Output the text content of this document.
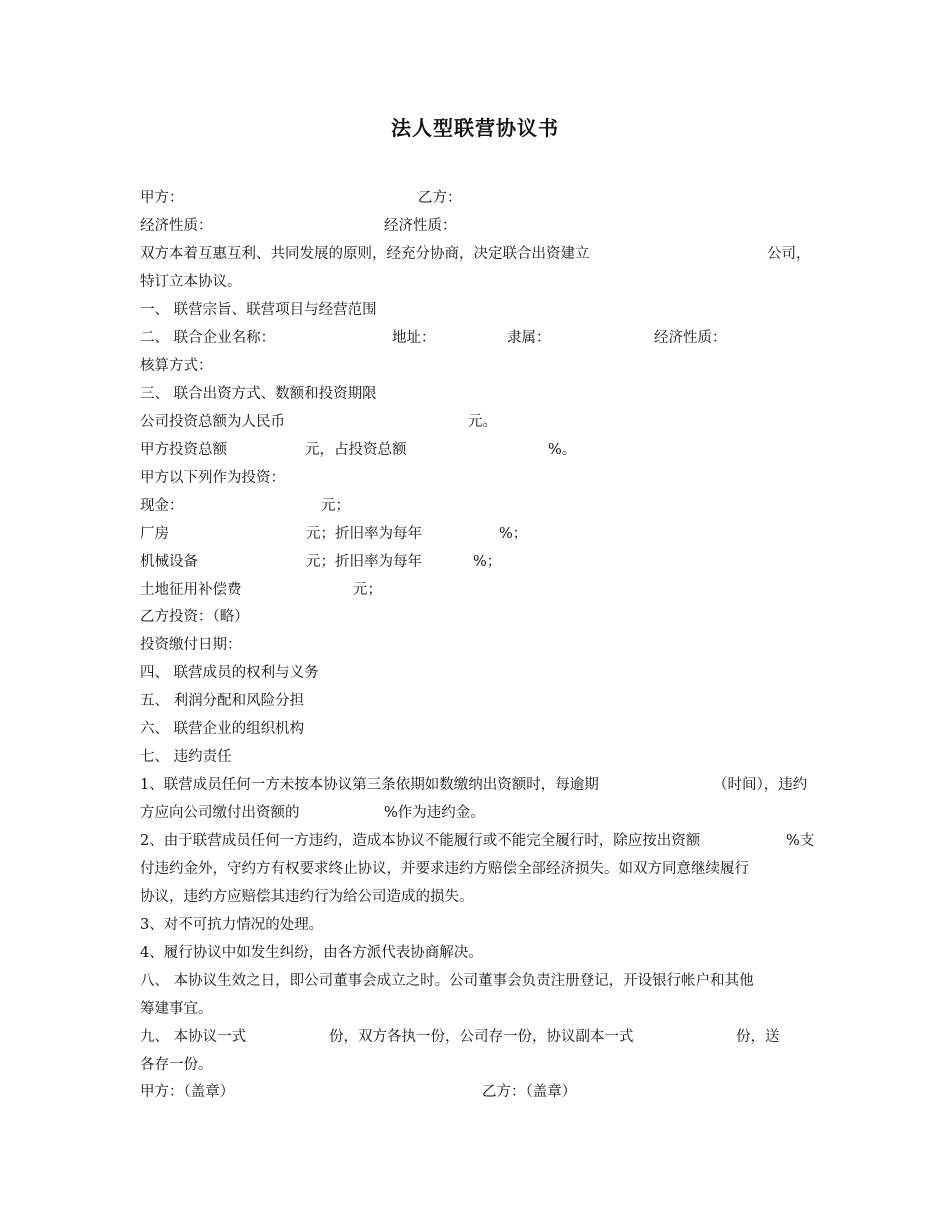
法人型联营协议书
甲方：	乙方：
经济性质：	经济性质：
双方本着互惠互利、共同发展的原则，经充分协商，决定联合出资建立	公司，
特订立本协议。
一、 联营宗旨、联营项目与经营范围
二、 联合企业名称：	地址：	隶属：	经济性质：
核算方式：
三、 联合出资方式、数额和投资期限
公司投资总额为人民币	元。
甲方投资总额	元，占投资总额	%。
甲方以下列作为投资：
现金：	元；
厂房	元；折旧率为每年	%；
机械设备	元；折旧率为每年	%；
土地征用补偿费	元；
乙方投资：（略）
投资缴付日期：
四、 联营成员的权利与义务
五、 利润分配和风险分担
六、 联营企业的组织机构
七、 违约责任
1、联营成员任何一方未按本协议第三条依期如数缴纳出资额时，每逾期	（时间），违约
方应向公司缴付出资额的	%作为违约金。
2、由于联营成员任何一方违约，造成本协议不能履行或不能完全履行时，除应按出资额	%支
付违约金外，守约方有权要求终止协议，并要求违约方赔偿全部经济损失。如双方同意继续履行
协议，违约方应赔偿其违约行为给公司造成的损失。
3、对不可抗力情况的处理。
4、履行协议中如发生纠纷，由各方派代表协商解决。
八、 本协议生效之日，即公司董事会成立之时。公司董事会负责注册登记，开设银行帐户和其他
筹建事宜。
九、 本协议一式	份，双方各执一份，公司存一份，协议副本一式	份，送
各存一份。
甲方：（盖章）	乙方：（盖章）
